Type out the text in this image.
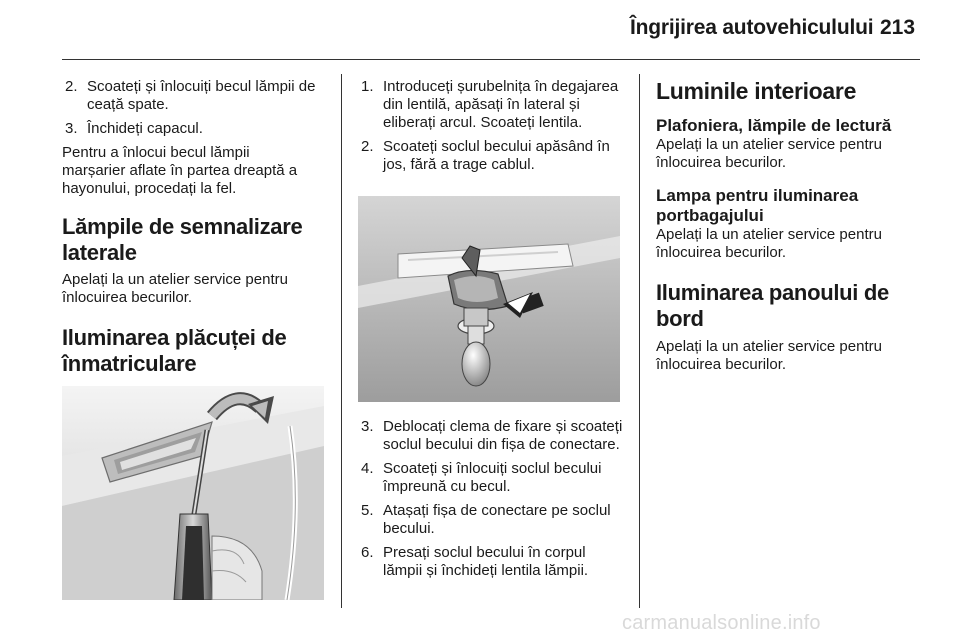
Îngrijirea autovehiculului 213
2. Scoateți și înlocuiți becul lămpii de ceață spate.
3. Închideți capacul.

Pentru a înlocui becul lămpii marșarier aflate în partea dreaptă a hayonului, procedați la fel.

Lămpile de semnalizare laterale

Apelați la un atelier service pentru înlocuirea becurilor.

Iluminarea plăcuței de înmatriculare
1. Introduceți șurubelnița în degajarea din lentilă, apăsați în lateral și eliberați arcul. Scoateți lentila.
2. Scoateți soclul becului apăsând în jos, fără a trage cablul.
3. Deblocați clema de fixare și scoateți soclul becului din fișa de conectare.
4. Scoateți și înlocuiți soclul becului împreună cu becul.
5. Atașați fișa de conectare pe soclul becului.
6. Presați soclul becului în corpul lămpii și închideți lentila lămpii.
Luminile interioare
Plafoniera, lămpile de lectură

Apelați la un atelier service pentru înlocuirea becurilor.

Lampa pentru iluminarea portbagajului

Apelați la un atelier service pentru înlocuirea becurilor.

Iluminarea panoului de bord

Apelați la un atelier service pentru înlocuirea becurilor.

carmanualsonline.info
